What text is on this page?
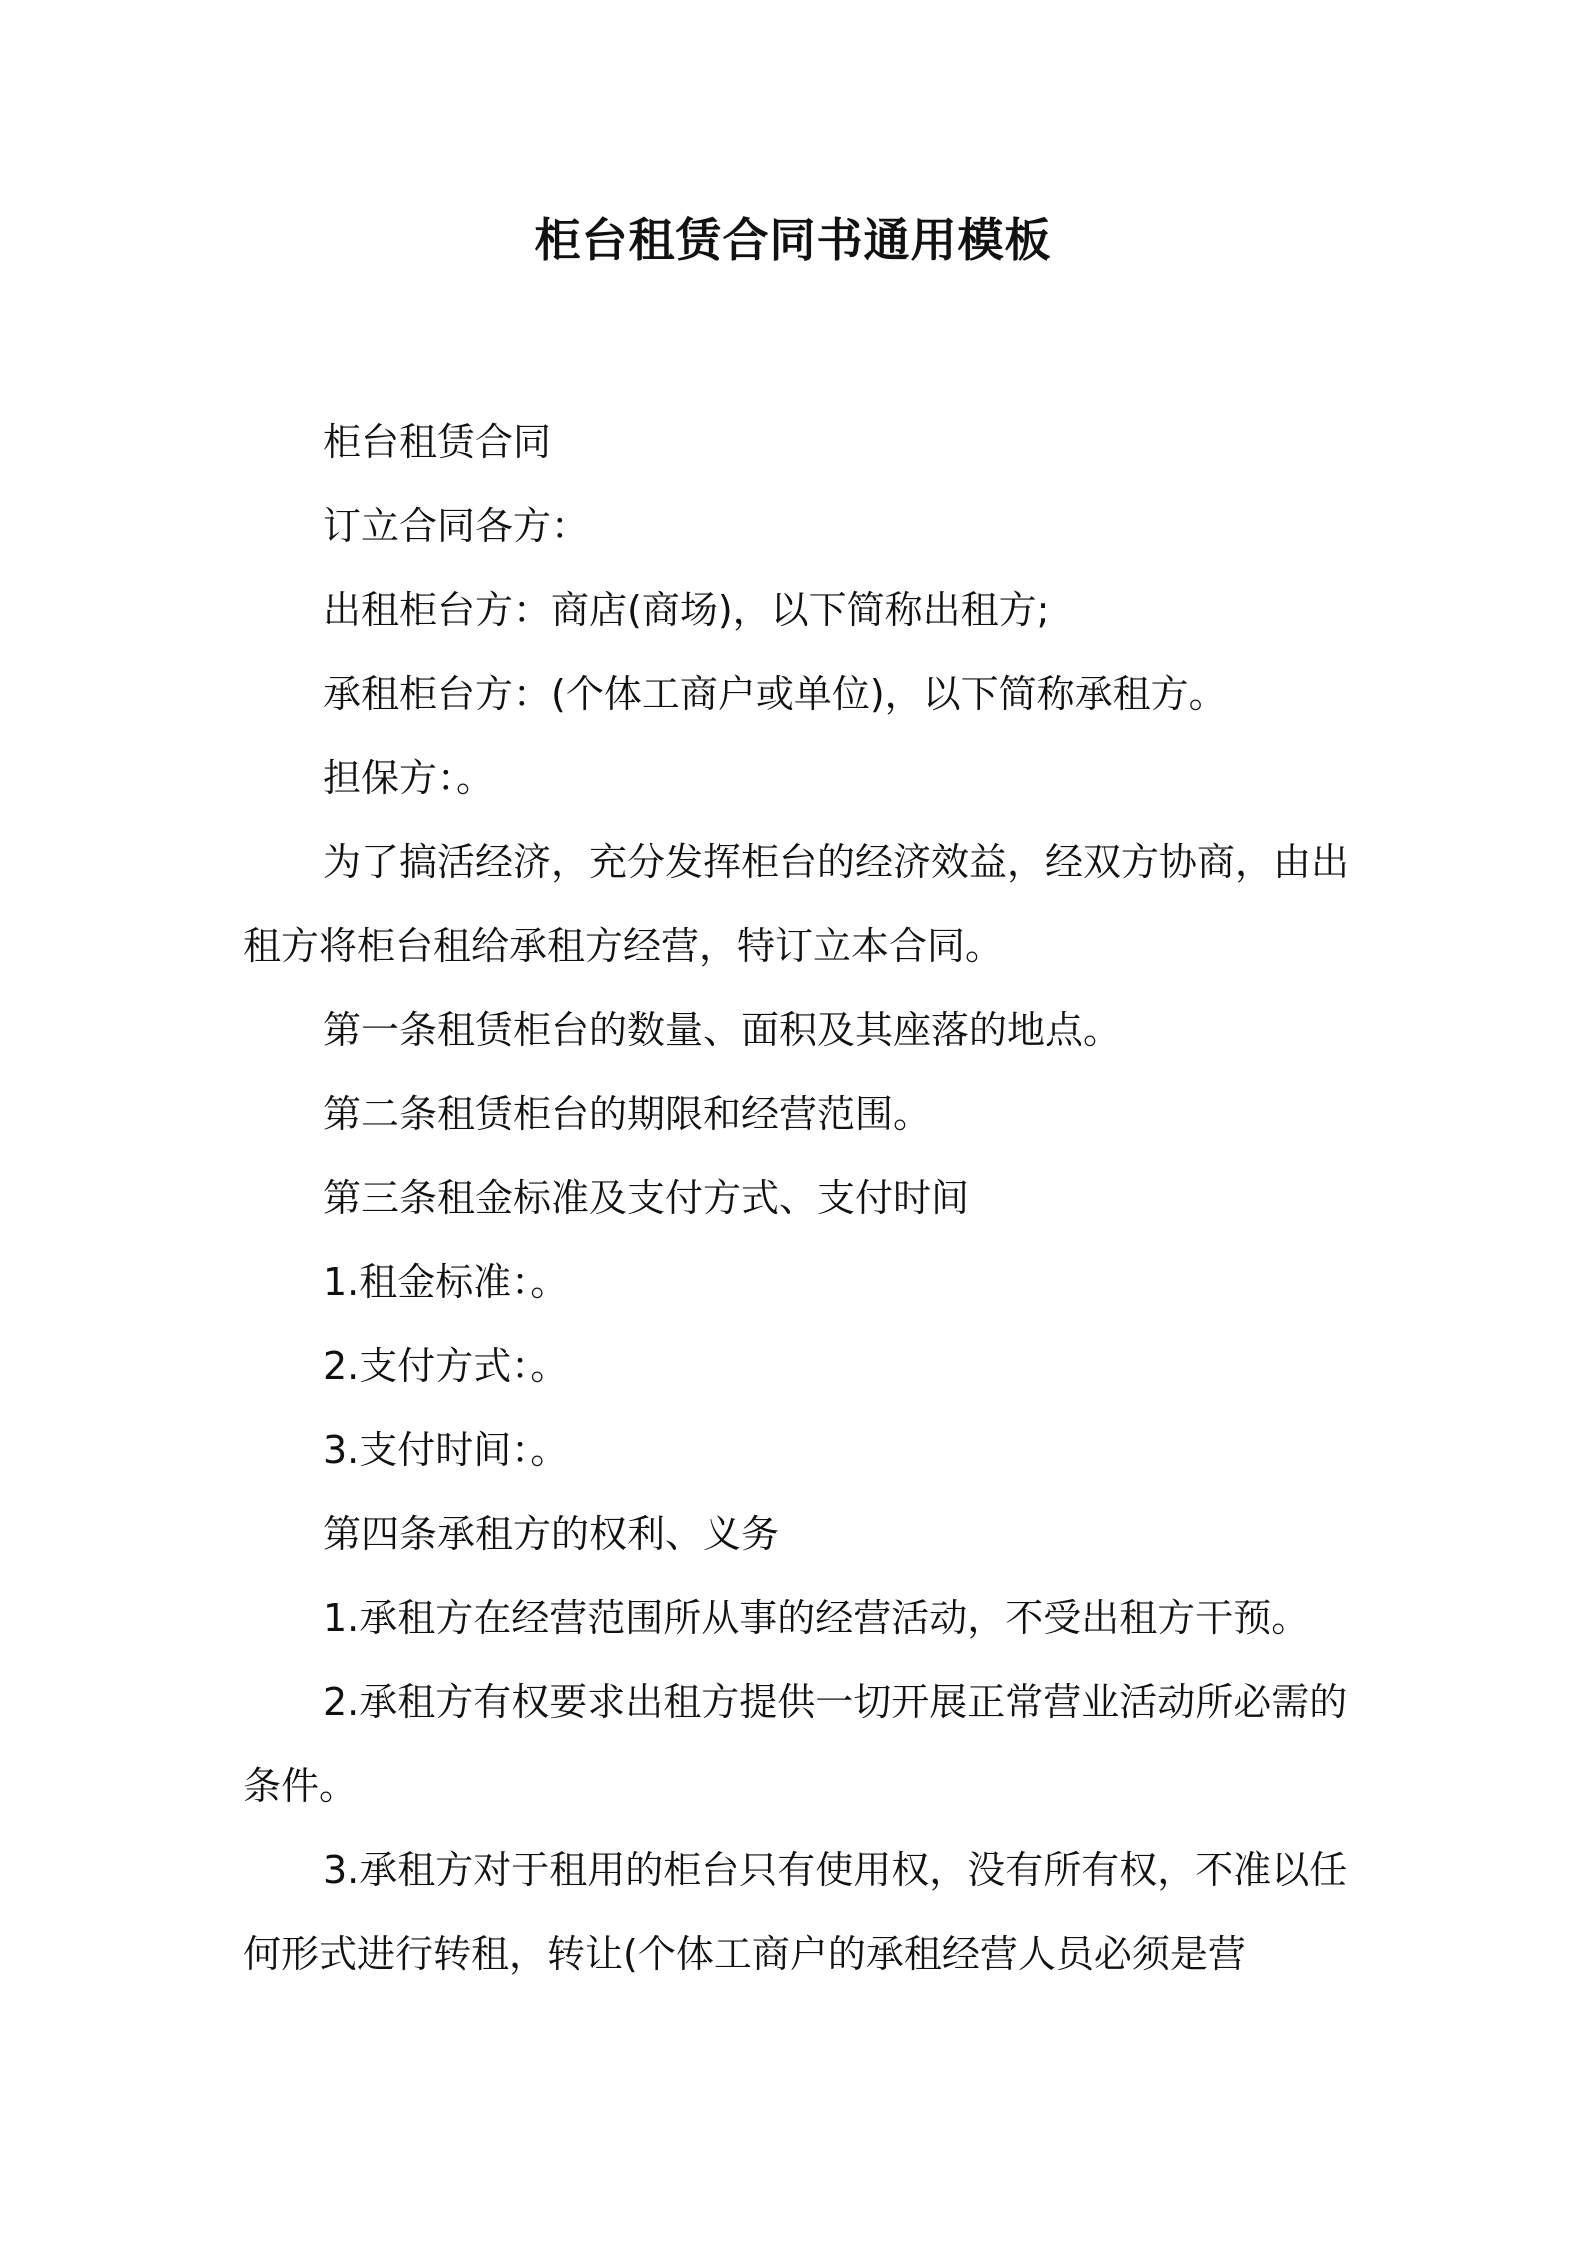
柜台租赁合同书通用模板

柜台租赁合同

订立合同各方：

出租柜台方：商店(商场)，以下简称出租方;

承租柜台方：(个体工商户或单位)，以下简称承租方。

担保方：。

为了搞活经济，充分发挥柜台的经济效益，经双方协商，由出租方将柜台租给承租方经营，特订立本合同。

第一条租赁柜台的数量、面积及其座落的地点。

第二条租赁柜台的期限和经营范围。

第三条租金标准及支付方式、支付时间

1.租金标准：。

2.支付方式：。

3.支付时间：。

第四条承租方的权利、义务

1.承租方在经营范围所从事的经营活动，不受出租方干预。

2.承租方有权要求出租方提供一切开展正常营业活动所必需的条件。

3.承租方对于租用的柜台只有使用权，没有所有权，不准以任何形式进行转租，转让(个体工商户的承租经营人员必须是营
